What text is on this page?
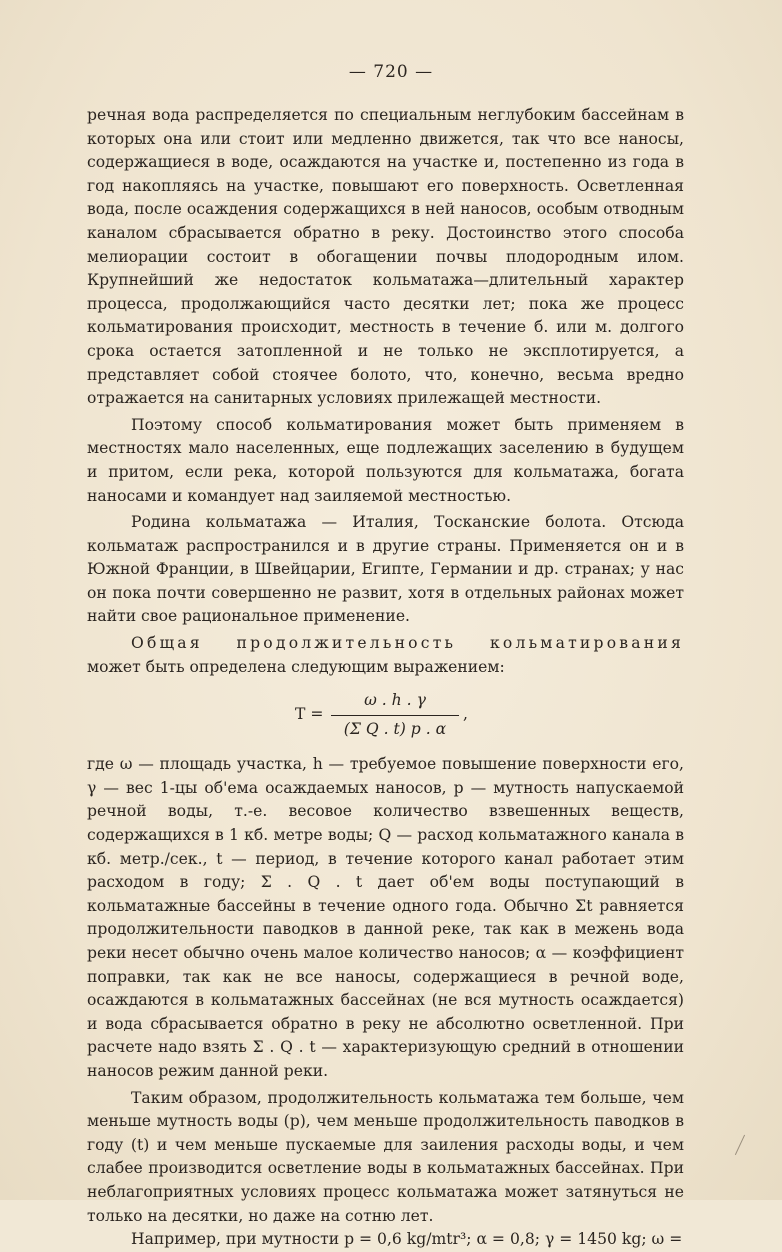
— 720 —

речная вода распределяется по специальным неглубоким бассейнам в которых она или стоит или медленно движется, так что все наносы, содержащиеся в воде, осаждаются на участке и, постепенно из года в год накопляясь на участке, повышают его поверхность. Осветленная вода, после осаждения содержащихся в ней наносов, особым отводным каналом сбрасывается обратно в реку. Достоинство этого способа мелиорации состоит в обогащении почвы плодородным илом. Крупнейший же недостаток кольматажа—длительный характер процесса, продолжающийся часто десятки лет; пока же процесс кольматирования происходит, местность в течение б. или м. долгого срока остается затопленной и не только не эксплотируется, а представляет собой стоячее болото, что, конечно, весьма вредно отражается на санитарных условиях прилежащей местности.

Поэтому способ кольматирования может быть применяем в местностях мало населенных, еще подлежащих заселению в будущем и притом, если река, которой пользуются для кольматажа, богата наносами и командует над заиляемой местностью.

Родина кольматажа — Италия, Тосканские болота. Отсюда кольматаж распространился и в другие страны. Применяется он и в Южной Франции, в Швейцарии, Египте, Германии и др. странах; у нас он пока почти совершенно не развит, хотя в отдельных районах может найти свое рациональное применение.

Общая продолжительность кольматирования может быть определена следующим выражением:

$T = \frac{\omega . h . \gamma}{\text{(Σ Q . t) p . α}}$ ,

где ω — площадь участка, h — требуемое повышение поверхности его, γ — вес 1-цы об'ема осаждаемых наносов, p — мутность напускаемой речной воды, т.-е. весовое количество взвешенных веществ, содержащихся в 1 кб. метре воды; Q — расход кольматажного канала в кб. метр./сек., t — период, в течение которого канал работает этим расходом в году; Σ . Q . t дает об'ем воды поступающий в кольматажные бассейны в течение одного года. Обычно Σt равняется продолжительности паводков в данной реке, так как в межень вода реки несет обычно очень малое количество наносов; α — коэффициент поправки, так как не все наносы, содержащиеся в речной воде, осаждаются в кольматажных бассейнах (не вся мутность осаждается) и вода сбрасывается обратно в реку не абсолютно осветленной. При расчете надо взять Σ . Q . t — характеризующую средний в отношении наносов режим данной реки.

Таким образом, продолжительность кольматажа тем больше, чем меньше мутность воды (p), чем меньше продолжительность паводков в году (t) и чем меньше пускаемые для заиления расходы воды, и чем слабее производится осветление воды в кольматажных бассейнах. При неблагоприятных условиях процесс кольматажа может затянуться не только на десятки, но даже на сотню лет.

Например, при мутности p = 0,6 kg/mtr³; α = 0,8; γ = 1450 kg; ω =
